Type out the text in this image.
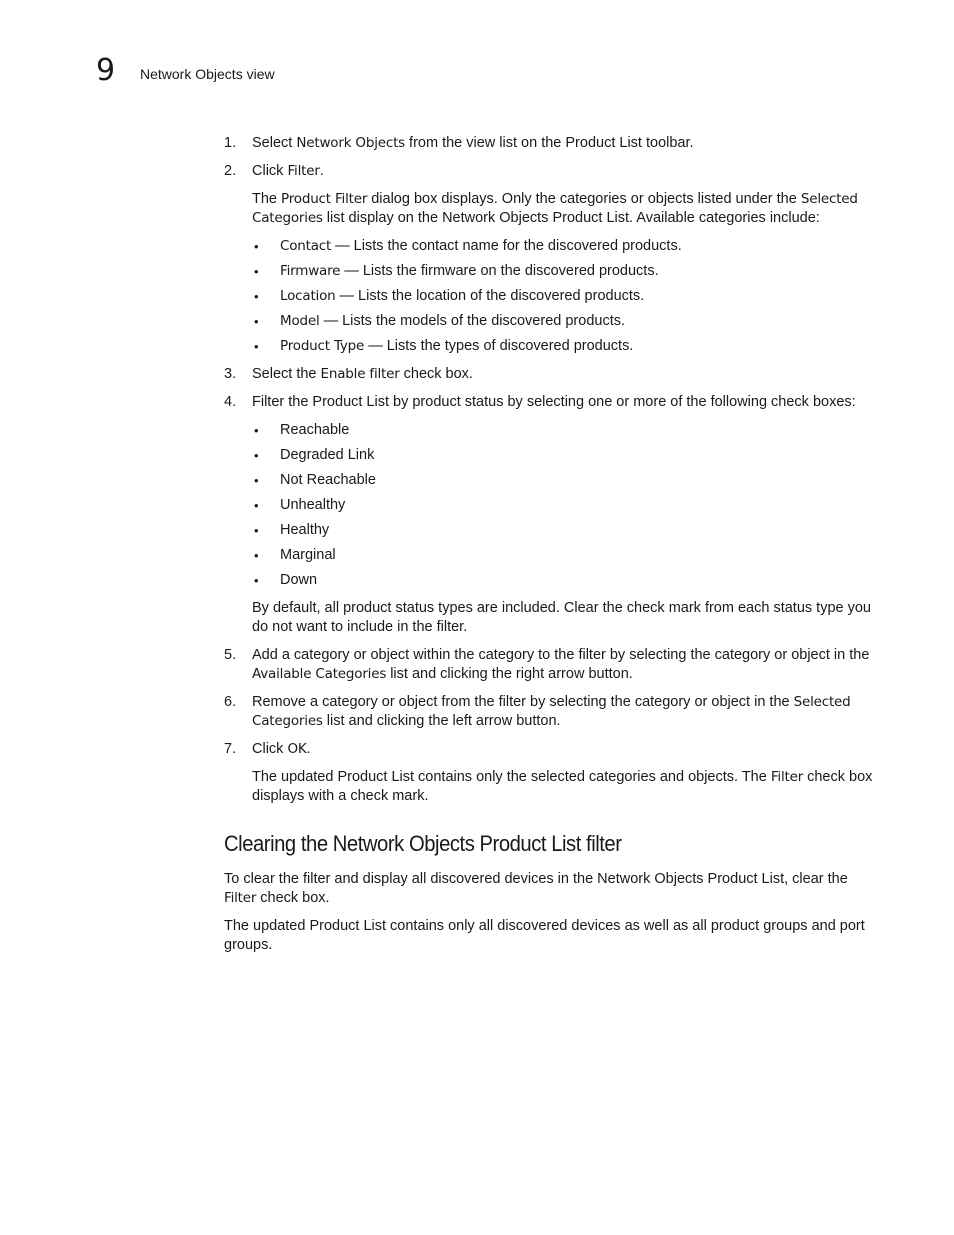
9 Network Objects view
1. Select Network Objects from the view list on the Product List toolbar.
2. Click Filter.

The Product Filter dialog box displays. Only the categories or objects listed under the Selected Categories list display on the Network Objects Product List. Available categories include:

• Contact — Lists the contact name for the discovered products.
• Firmware — Lists the firmware on the discovered products.
• Location — Lists the location of the discovered products.
• Model — Lists the models of the discovered products.
• Product Type — Lists the types of discovered products.
3. Select the Enable filter check box.
4. Filter the Product List by product status by selecting one or more of the following check boxes:
• Reachable
• Degraded Link
• Not Reachable
• Unhealthy
• Healthy
• Marginal
• Down

By default, all product status types are included. Clear the check mark from each status type you do not want to include in the filter.

5. Add a category or object within the category to the filter by selecting the category or object in the Available Categories list and clicking the right arrow button.
6. Remove a category or object from the filter by selecting the category or object in the Selected Categories list and clicking the left arrow button.
7. Click OK.

The updated Product List contains only the selected categories and objects. The Filter check box displays with a check mark.

Clearing the Network Objects Product List filter

To clear the filter and display all discovered devices in the Network Objects Product List, clear the Filter check box.

The updated Product List contains only all discovered devices as well as all product groups and port groups.
